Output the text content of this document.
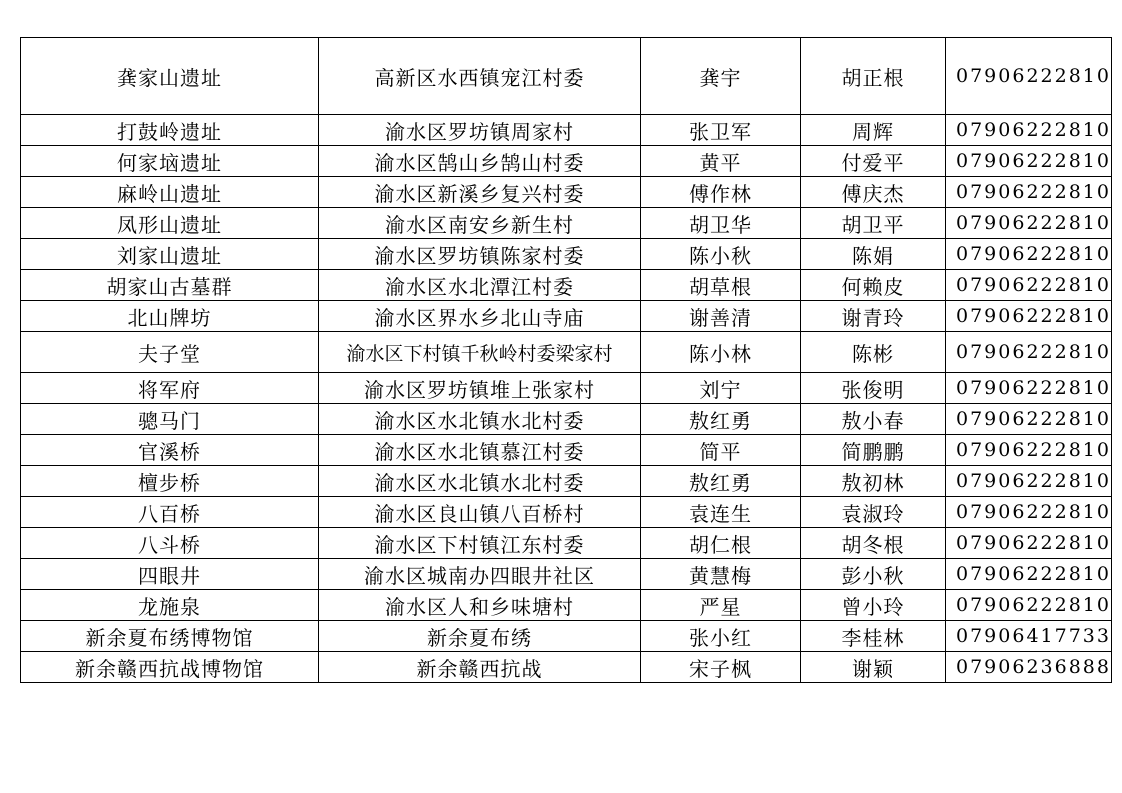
龚家山遗址	高新区水西镇宠江村委	龚宇	胡正根	07906222810
打鼓岭遗址	渝水区罗坊镇周家村	张卫军	周辉	07906222810
何家垴遗址	渝水区鹄山乡鹄山村委	黄平	付爱平	07906222810
麻岭山遗址	渝水区新溪乡复兴村委	傅作林	傅庆杰	07906222810
凤形山遗址	渝水区南安乡新生村	胡卫华	胡卫平	07906222810
刘家山遗址	渝水区罗坊镇陈家村委	陈小秋	陈娟	07906222810
胡家山古墓群	渝水区水北潭江村委	胡草根	何赖皮	07906222810
北山牌坊	渝水区界水乡北山寺庙	谢善清	谢青玲	07906222810
夫子堂	渝水区下村镇千秋岭村委梁家村	陈小林	陈彬	07906222810
将军府	渝水区罗坊镇堆上张家村	刘宁	张俊明	07906222810
骢马门	渝水区水北镇水北村委	敖红勇	敖小春	07906222810
官溪桥	渝水区水北镇慕江村委	简平	简鹏鹏	07906222810
檀步桥	渝水区水北镇水北村委	敖红勇	敖初林	07906222810
八百桥	渝水区良山镇八百桥村	袁连生	袁淑玲	07906222810
八斗桥	渝水区下村镇江东村委	胡仁根	胡冬根	07906222810
四眼井	渝水区城南办四眼井社区	黄慧梅	彭小秋	07906222810
龙施泉	渝水区人和乡味塘村	严星	曾小玲	07906222810
新余夏布绣博物馆	新余夏布绣	张小红	李桂林	07906417733
新余赣西抗战博物馆	新余赣西抗战	宋子枫	谢颖	07906236888
